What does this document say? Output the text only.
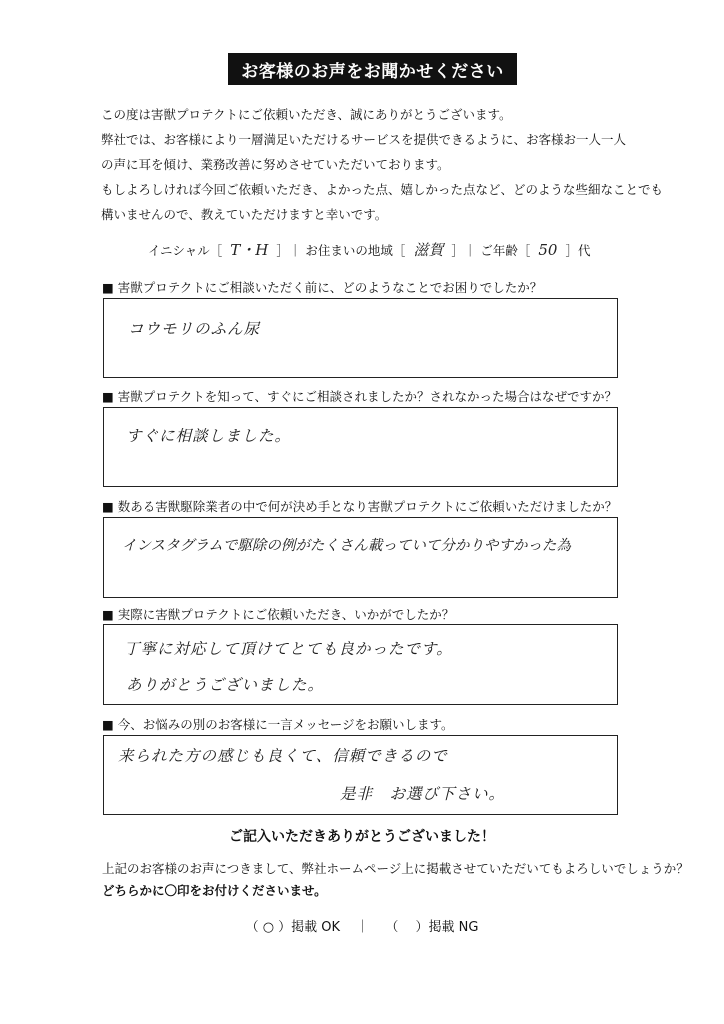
お客様のお声をお聞かせください

この度は害獣プロテクトにご依頼いただき、誠にありがとうございます。

弊社では、お客様により一層満足いただけるサービスを提供できるように、お客様お一人一人

の声に耳を傾け、業務改善に努めさせていただいております。

もしよろしければ今回ご依頼いただき、よかった点、嬉しかった点など、どのような些細なことでも

構いませんので、教えていただけますと幸いです。

イニシャル［ T・H ］｜ お住まいの地域［ 滋賀 ］｜ ご年齢［ 50 ］代
■ 害獣プロテクトにご相談いただく前に、どのようなことでお困りでしたか？
コウモリのふん尿
■ 害獣プロテクトを知って、すぐにご相談されましたか？されなかった場合はなぜですか？
すぐに相談しました。
■ 数ある害獣駆除業者の中で何が決め手となり害獣プロテクトにご依頼いただけましたか？
インスタグラムで駆除の例がたくさん載っていて分かりやすかった為
■ 実際に害獣プロテクトにご依頼いただき、いかがでしたか？
丁寧に対応して頂けてとても良かったです。
ありがとうございました。
■ 今、お悩みの別のお客様に一言メッセージをお願いします。
来られた方の感じも良くて、信頼できるので
是非　お選び下さい。
ご記入いただきありがとうございました！

上記のお客様のお声につきまして、弊社ホームページ上に掲載させていただいてもよろしいでしょうか？

どちらかに〇印をお付けくださいませ。

（ ○ ）掲載 OK ｜ （　 ）掲載 NG
